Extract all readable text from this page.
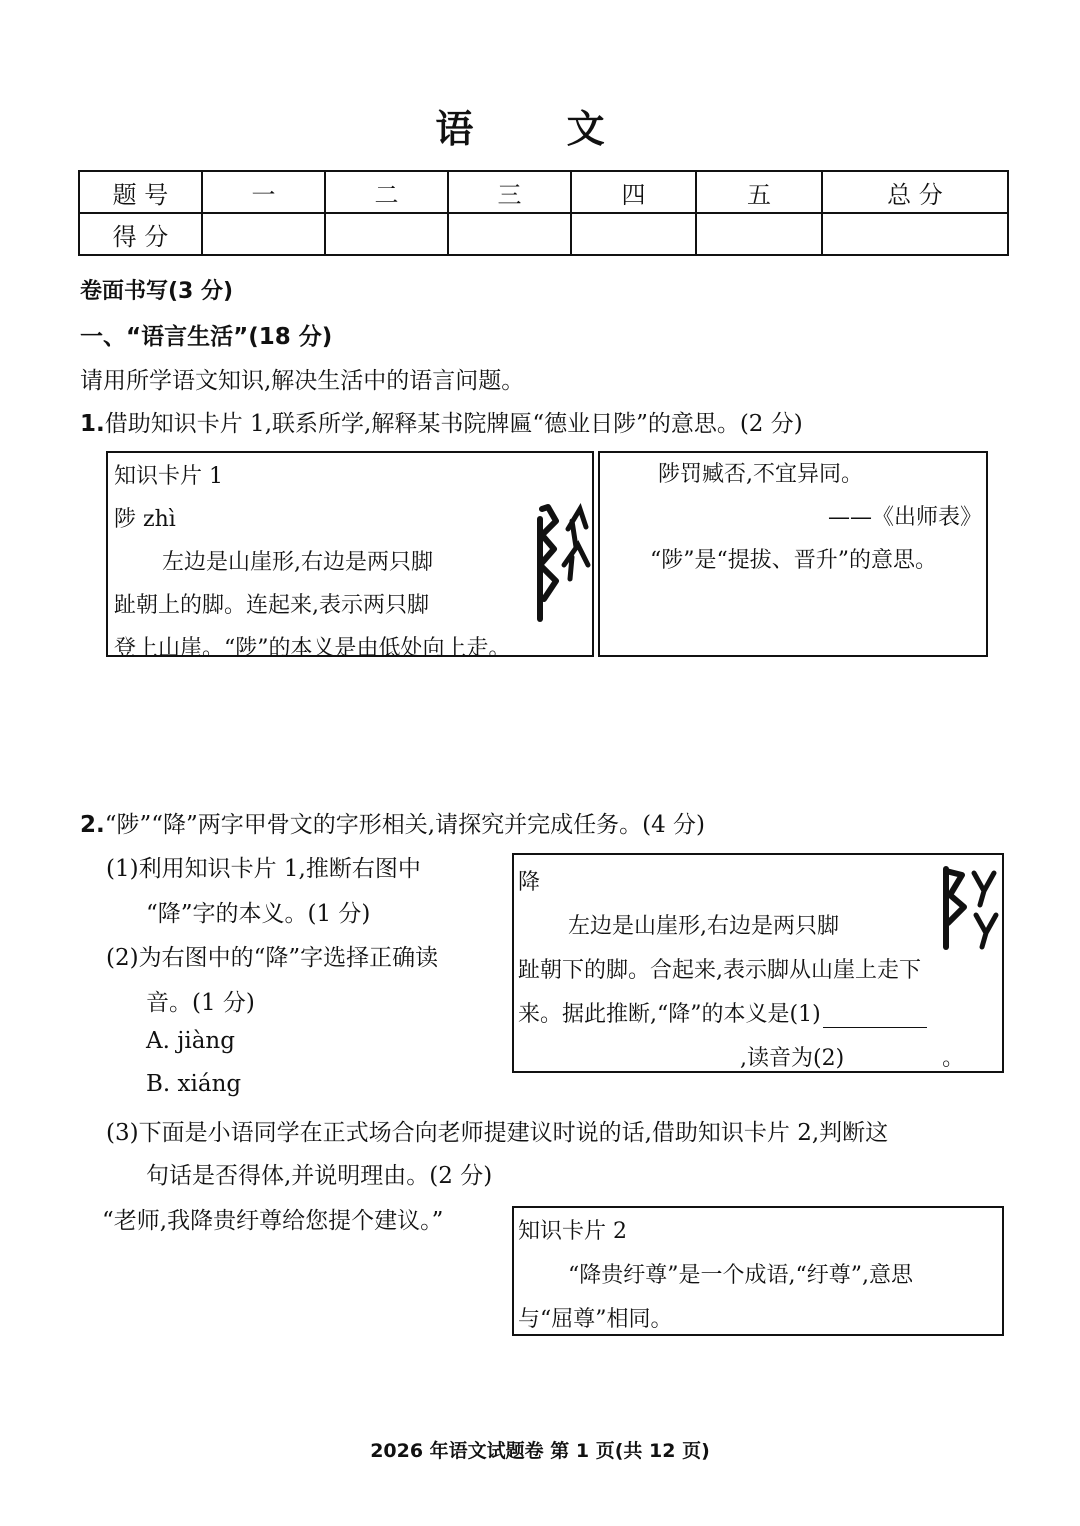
语 文
题 号	一	二	三	四	五	总 分
得 分						
卷面书写(3 分)
一、“语言生活”(18 分)
请用所学语文知识,解决生活中的语言问题。
1.借助知识卡片 1,联系所学,解释某书院牌匾“德业日陟”的意思。(2 分)
知识卡片 1
陟 zhì
左边是山崖形,右边是两只脚
趾朝上的脚。连起来,表示两只脚
登上山崖。“陟”的本义是由低处向上走。
陟罚臧否,不宜异同。
——《出师表》
“陟”是“提拔、晋升”的意思。
2.“陟”“降”两字甲骨文的字形相关,请探究并完成任务。(4 分)
(1)利用知识卡片 1,推断右图中
“降”字的本义。(1 分)
(2)为右图中的“降”字选择正确读
音。(1 分)
A. jiàng
B. xiáng
(3)下面是小语同学在正式场合向老师提建议时说的话,借助知识卡片 2,判断这
句话是否得体,并说明理由。(2 分)
“老师,我降贵纡尊给您提个建议。”
降
左边是山崖形,右边是两只脚
趾朝下的脚。合起来,表示脚从山崖上走下
来。据此推断,“降”的本义是(1)
,读音为(2)	。
知识卡片 2
“降贵纡尊”是一个成语,“纡尊”,意思
与“屈尊”相同。
2026 年语文试题卷 第 1 页(共 12 页)
